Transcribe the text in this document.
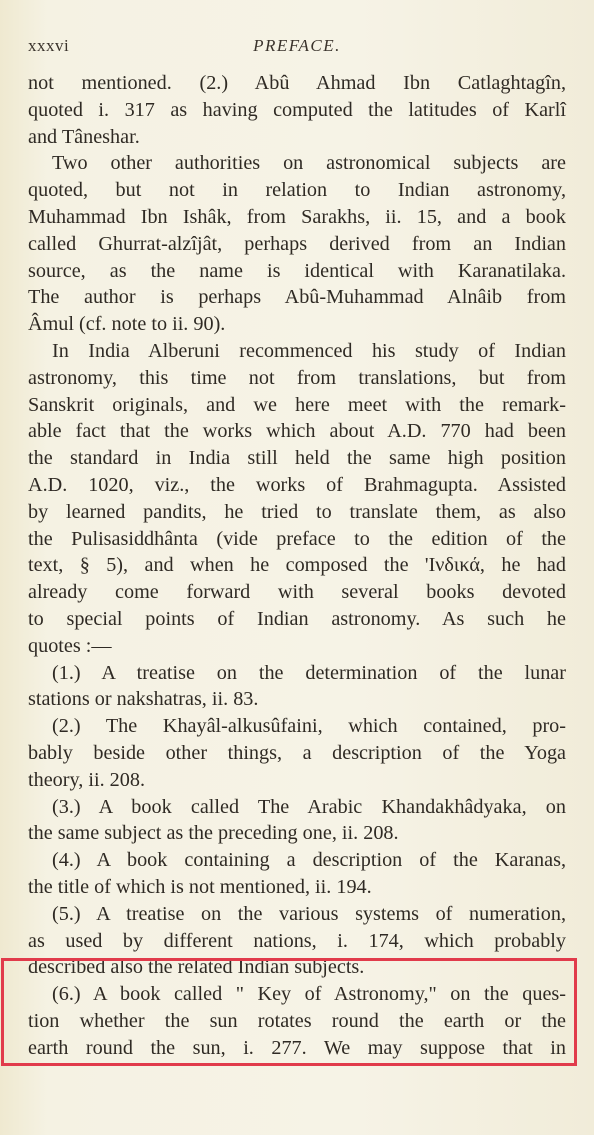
xxxvi	PREFACE.
not mentioned. (2.) Abû Ahmad Ibn Catlaghtagîn,
quoted i. 317 as having computed the latitudes of Karlî
and Tâneshar.
Two other authorities on astronomical subjects are
quoted, but not in relation to Indian astronomy,
Muhammad Ibn Ishâk, from Sarakhs, ii. 15, and a book
called Ghurrat-alzîjât, perhaps derived from an Indian
source, as the name is identical with Karanatilaka.
The author is perhaps Abû-Muhammad Alnâib from
Âmul (cf. note to ii. 90).
In India Alberuni recommenced his study of Indian
astronomy, this time not from translations, but from
Sanskrit originals, and we here meet with the remark-
able fact that the works which about A.D. 770 had been
the standard in India still held the same high position
A.D. 1020, viz., the works of Brahmagupta. Assisted
by learned pandits, he tried to translate them, as also
the Pulisasiddhânta (vide preface to the edition of the
text, § 5), and when he composed the 'Ινδικά, he had
already come forward with several books devoted
to special points of Indian astronomy. As such he
quotes :—
(1.) A treatise on the determination of the lunar
stations or nakshatras, ii. 83.
(2.) The Khayâl-alkusûfaini, which contained, pro-
bably beside other things, a description of the Yoga
theory, ii. 208.
(3.) A book called The Arabic Khandakhâdyaka, on
the same subject as the preceding one, ii. 208.
(4.) A book containing a description of the Karanas,
the title of which is not mentioned, ii. 194.
(5.) A treatise on the various systems of numeration,
as used by different nations, i. 174, which probably
described also the related Indian subjects.
(6.) A book called " Key of Astronomy," on the ques-
tion whether the sun rotates round the earth or the
earth round the sun, i. 277. We may suppose that in
